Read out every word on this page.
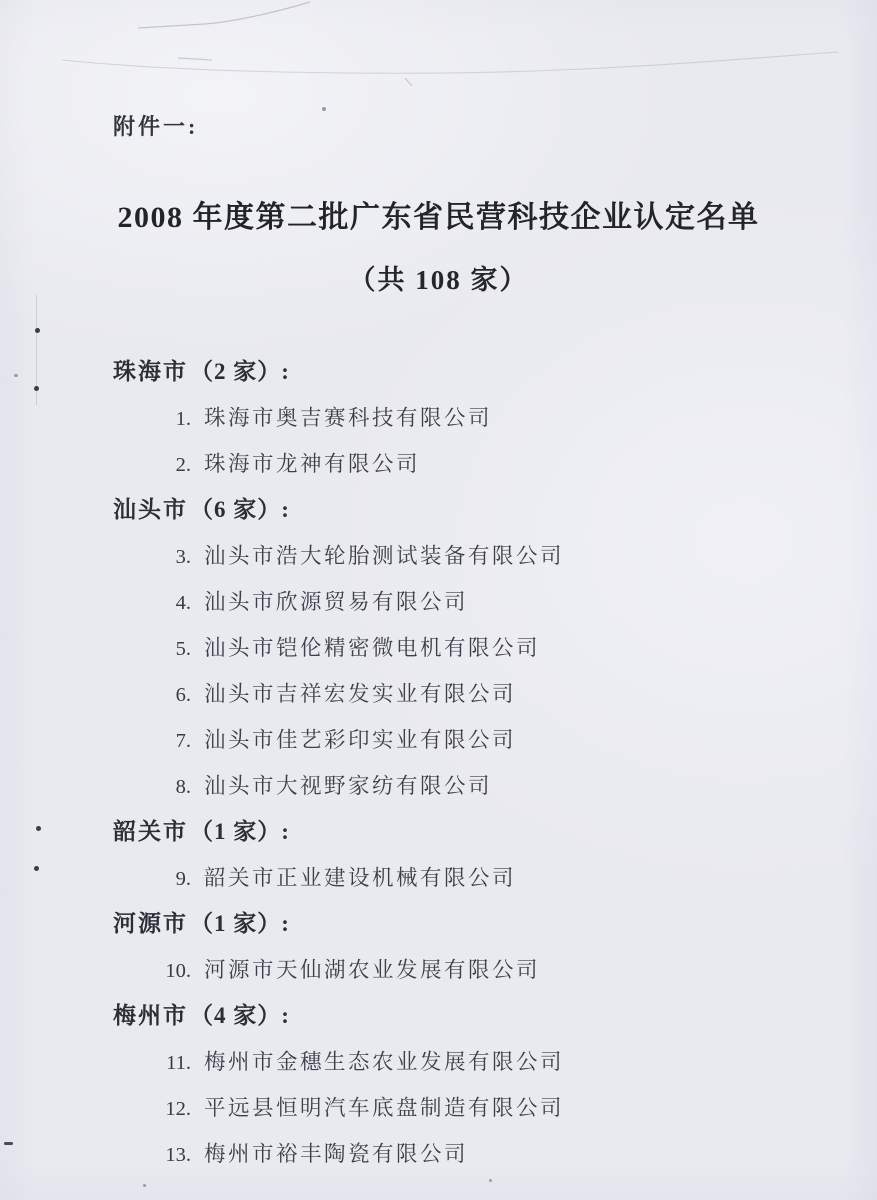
附件一:
2008 年度第二批广东省民营科技企业认定名单
（共 108 家）
珠海市（2 家）:
1. 珠海市奥吉赛科技有限公司
2. 珠海市龙神有限公司
汕头市（6 家）:
3. 汕头市浩大轮胎测试装备有限公司
4. 汕头市欣源贸易有限公司
5. 汕头市铠伦精密微电机有限公司
6. 汕头市吉祥宏发实业有限公司
7. 汕头市佳艺彩印实业有限公司
8. 汕头市大视野家纺有限公司
韶关市（1 家）:
9. 韶关市正业建设机械有限公司
河源市（1 家）:
10. 河源市天仙湖农业发展有限公司
梅州市（4 家）:
11. 梅州市金穗生态农业发展有限公司
12. 平远县恒明汽车底盘制造有限公司
13. 梅州市裕丰陶瓷有限公司
